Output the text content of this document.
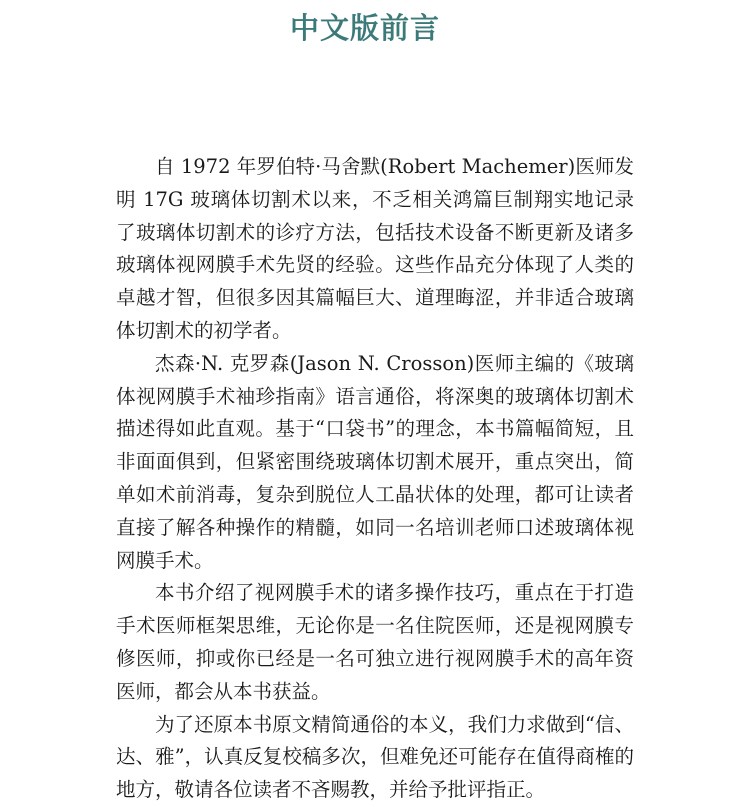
中文版前言

自 1972 年罗伯特·马舍默(Robert Machemer)医师发明 17G 玻璃体切割术以来，不乏相关鸿篇巨制翔实地记录了玻璃体切割术的诊疗方法，包括技术设备不断更新及诸多玻璃体视网膜手术先贤的经验。这些作品充分体现了人类的卓越才智，但很多因其篇幅巨大、道理晦涩，并非适合玻璃体切割术的初学者。

杰森·N. 克罗森(Jason N. Crosson)医师主编的《玻璃体视网膜手术袖珍指南》语言通俗，将深奥的玻璃体切割术描述得如此直观。基于“口袋书”的理念，本书篇幅简短，且非面面俱到，但紧密围绕玻璃体切割术展开，重点突出，简单如术前消毒，复杂到脱位人工晶状体的处理，都可让读者直接了解各种操作的精髓，如同一名培训老师口述玻璃体视网膜手术。

本书介绍了视网膜手术的诸多操作技巧，重点在于打造手术医师框架思维，无论你是一名住院医师，还是视网膜专修医师，抑或你已经是一名可独立进行视网膜手术的高年资医师，都会从本书获益。

为了还原本书原文精简通俗的本义，我们力求做到“信、达、雅”，认真反复校稿多次，但难免还可能存在值得商榷的地方，敬请各位读者不吝赐教，并给予批评指正。
